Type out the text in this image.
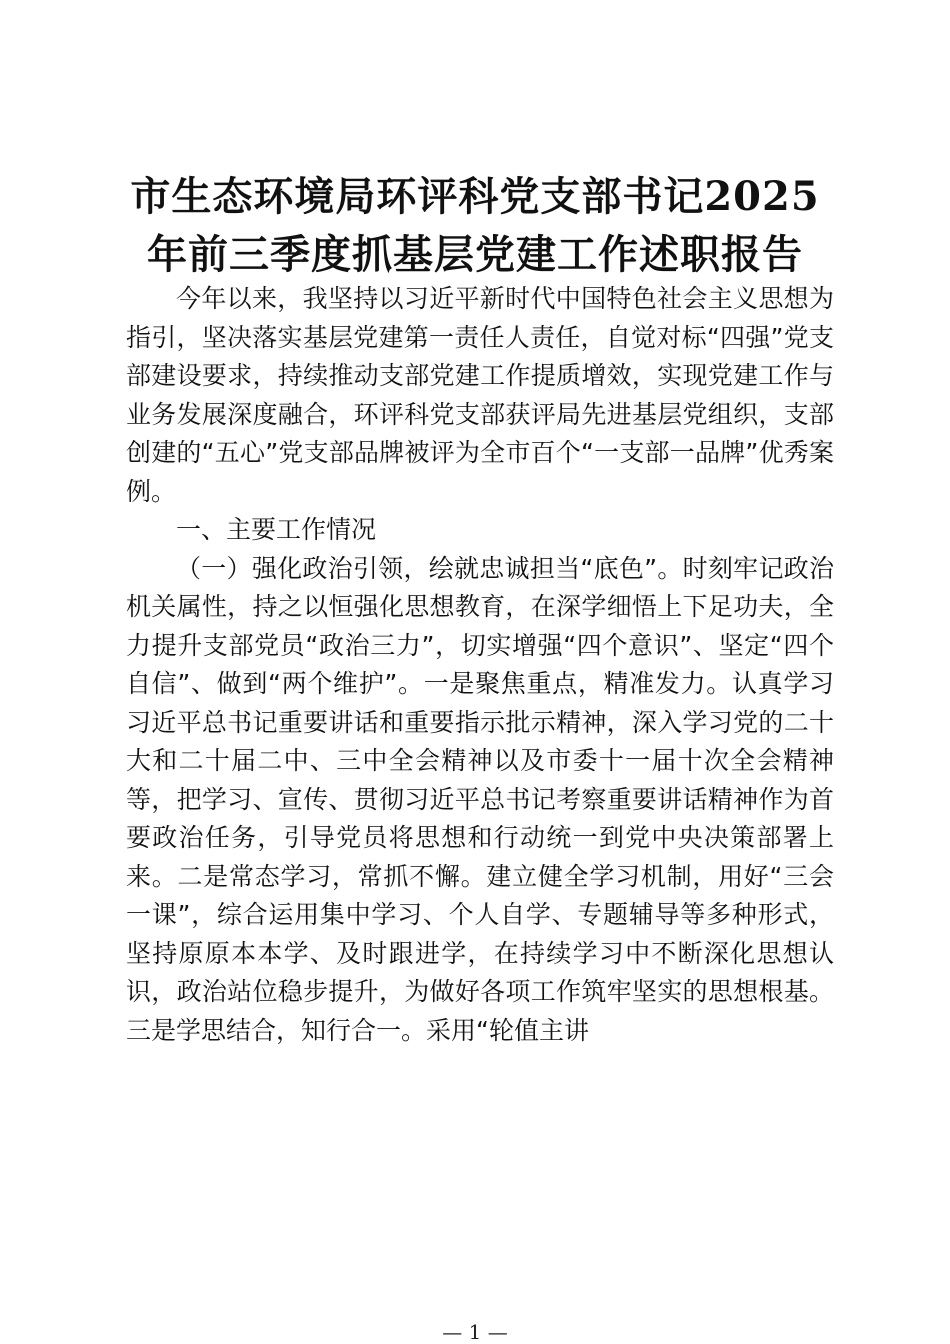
市生态环境局环评科党支部书记2025
年前三季度抓基层党建工作述职报告

今年以来，我坚持以习近平新时代中国特色社会主义思想为指引，坚决落实基层党建第一责任人责任，自觉对标“四强”党支部建设要求，持续推动支部党建工作提质增效，实现党建工作与业务发展深度融合，环评科党支部获评局先进基层党组织，支部创建的“五心”党支部品牌被评为全市百个“一支部一品牌”优秀案例。

一、主要工作情况

（一）强化政治引领，绘就忠诚担当“底色”。时刻牢记政治机关属性，持之以恒强化思想教育，在深学细悟上下足功夫，全力提升支部党员“政治三力”，切实增强“四个意识”、坚定“四个自信”、做到“两个维护”。一是聚焦重点，精准发力。认真学习习近平总书记重要讲话和重要指示批示精神，深入学习党的二十大和二十届二中、三中全会精神以及市委十一届十次全会精神等，把学习、宣传、贯彻习近平总书记考察重要讲话精神作为首要政治任务，引导党员将思想和行动统一到党中央决策部署上来。二是常态学习，常抓不懈。建立健全学习机制，用好“三会一课”，综合运用集中学习、个人自学、专题辅导等多种形式，坚持原原本本学、及时跟进学，在持续学习中不断深化思想认识，政治站位稳步提升，为做好各项工作筑牢坚实的思想根基。三是学思结合，知行合一。采用“轮值主讲

— 1 —
